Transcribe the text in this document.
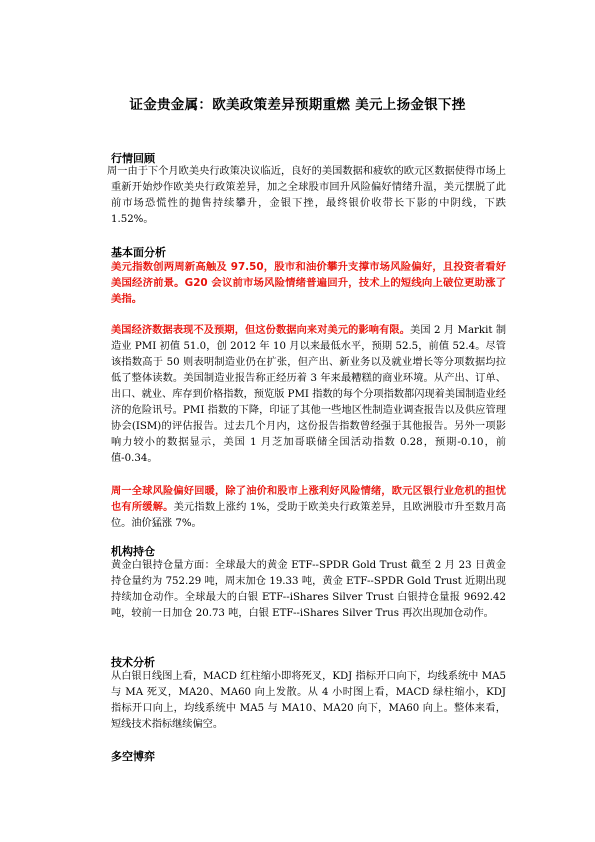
证金贵金属：欧美政策差异预期重燃 美元上扬金银下挫
行情回顾
周一由于下个月欧美央行政策决议临近，良好的美国数据和疲软的欧元区数据使得市场上重新开始炒作欧美央行政策差异，加之全球股市回升风险偏好情绪升温，美元摆脱了此前市场恐慌性的抛售持续攀升，金银下挫，最终银价收带长下影的中阴线，下跌 1.52%。
基本面分析
美元指数创两周新高触及 97.50，股市和油价攀升支撑市场风险偏好，且投资者看好美国经济前景。G20 会议前市场风险情绪普遍回升，技术上的短线向上破位更助涨了美指。
美国经济数据表现不及预期，但这份数据向来对美元的影响有限。美国 2 月 Markit 制造业 PMI 初值 51.0，创 2012 年 10 月以来最低水平，预期 52.5，前值 52.4。尽管该指数高于 50 则表明制造业仍在扩张，但产出、新业务以及就业增长等分项数据均拉低了整体读数。美国制造业报告称正经历着 3 年来最糟糕的商业环境。从产出、订单、出口、就业、库存到价格指数，预览版 PMI 指数的每个分项指数都闪现着美国制造业经济的危险讯号。PMI 指数的下降，印证了其他一些地区性制造业调查报告以及供应管理协会(ISM)的评估报告。过去几个月内，这份报告指数曾经强于其他报告。另外一项影响力较小的数据显示，美国 1 月芝加哥联储全国活动指数 0.28，预期-0.10，前值-0.34。
周一全球风险偏好回暖，除了油价和股市上涨利好风险情绪，欧元区银行业危机的担忧也有所缓解。美元指数上涨约 1%，受助于欧美央行政策差异，且欧洲股市升至数月高位。油价猛涨 7%。
机构持仓
黄金白银持仓量方面：全球最大的黄金 ETF--SPDR Gold Trust 截至 2 月 23 日黄金持仓量约为 752.29 吨，周末加仓 19.33 吨，黄金 ETF--SPDR Gold Trust 近期出现持续加仓动作。全球最大的白银 ETF--iShares Silver Trust 白银持仓量报 9692.42 吨，较前一日加仓 20.73 吨，白银 ETF--iShares Silver Trus 再次出现加仓动作。
技术分析
从白银日线图上看，MACD 红柱缩小即将死叉，KDJ 指标开口向下，均线系统中 MA5 与 MA 死叉，MA20、MA60 向上发散。从 4 小时图上看，MACD 绿柱缩小，KDJ 指标开口向上，均线系统中 MA5 与 MA10、MA20 向下，MA60 向上。整体来看，短线技术指标继续偏空。
多空博弈
